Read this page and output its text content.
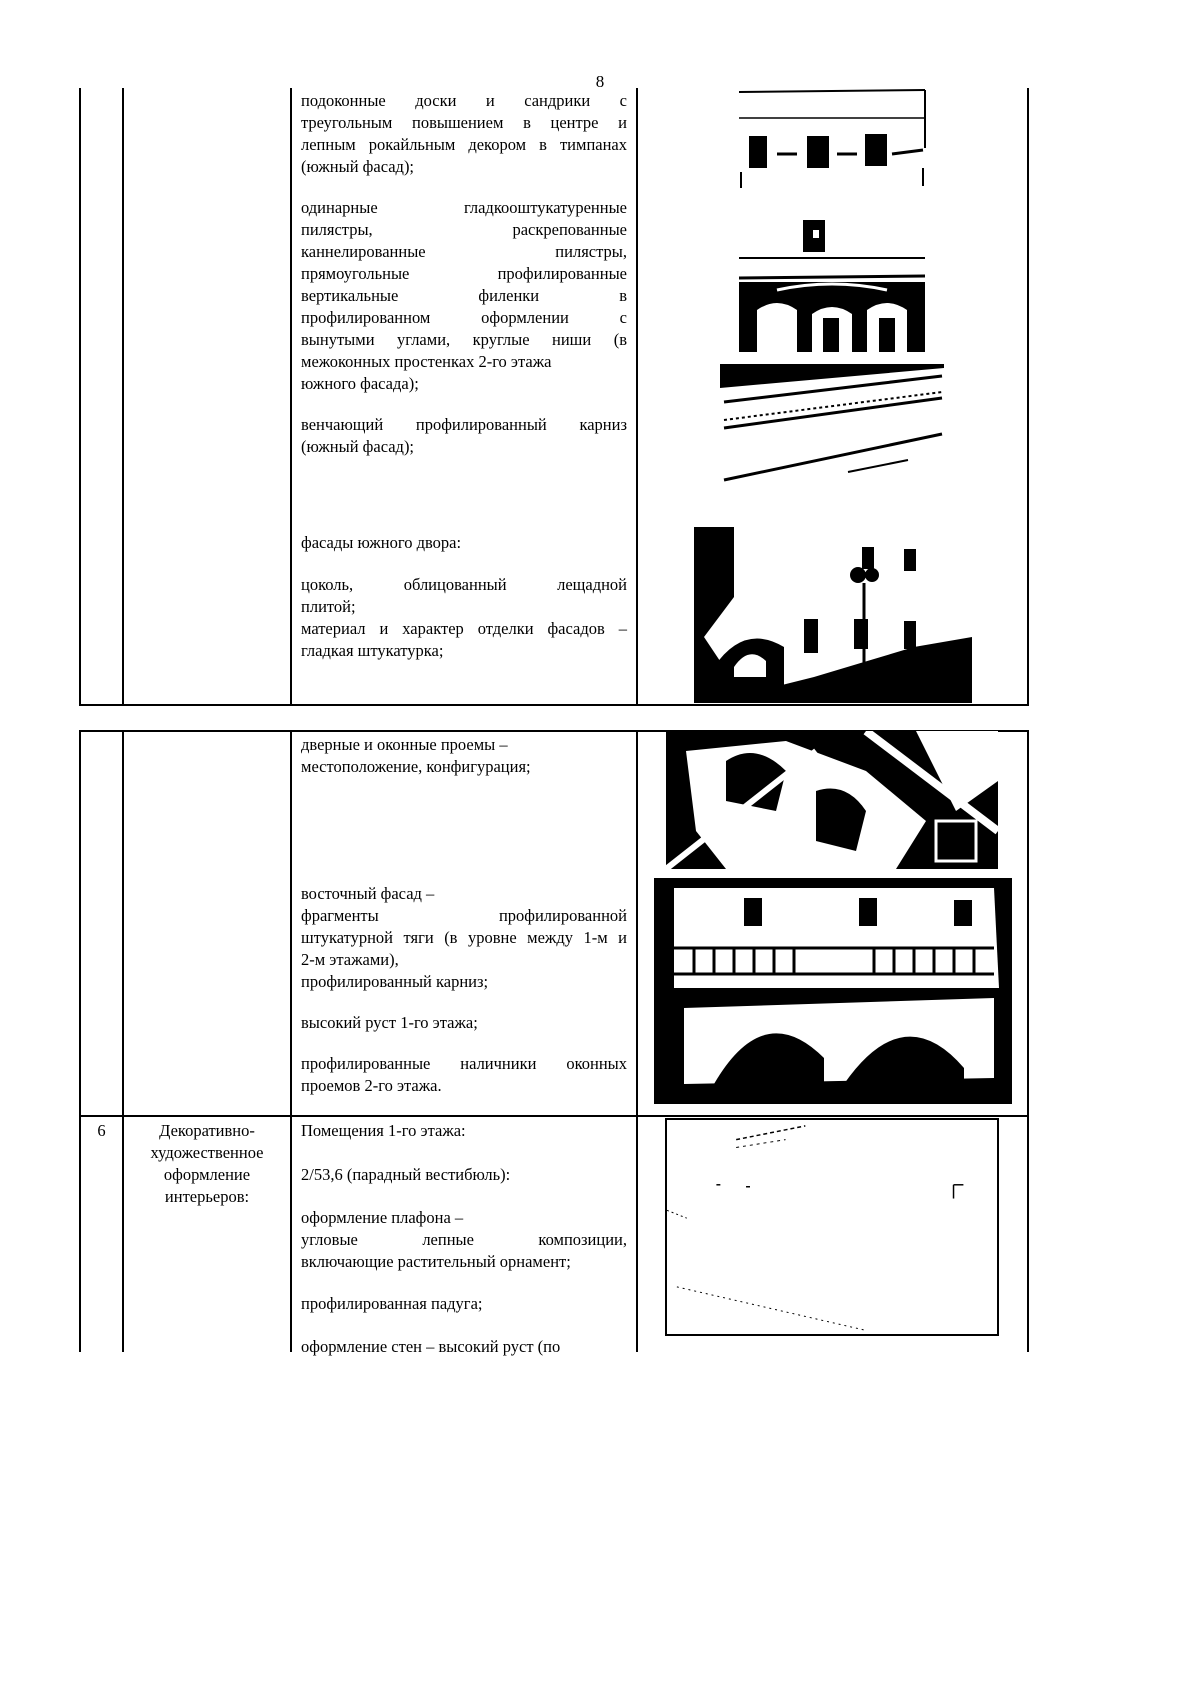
8
подоконные доски и сандрики с
треугольным повышением в центре и
лепным рокайльным декором в тимпанах
(южный фасад);
одинарные гладкооштукатуренные
пилястры, раскрепованные
каннелированные пилястры,
прямоугольные профилированные
вертикальные филенки в
профилированном оформлении с
вынутыми углами, круглые ниши (в
межоконных простенках 2-го этажа
южного фасада);
венчающий профилированный карниз
(южный фасад);
фасады южного двора:
цоколь, облицованный лещадной
плитой;
материал и характер отделки фасадов –
гладкая штукатурка;
дверные и оконные проемы –
местоположение, конфигурация;
восточный фасад –
фрагменты профилированной
штукатурной тяги (в уровне между 1-м и
2-м этажами),
профилированный карниз;
высокий руст 1-го этажа;
профилированные наличники оконных
проемов 2-го этажа.
6	Декоративно-
художественное
оформление
интерьеров:
Помещения 1-го этажа:
2/53,6 (парадный вестибюль):
оформление плафона –
угловые лепные композиции,
включающие растительный орнамент;
профилированная падуга;
оформление стен – высокий руст (по
